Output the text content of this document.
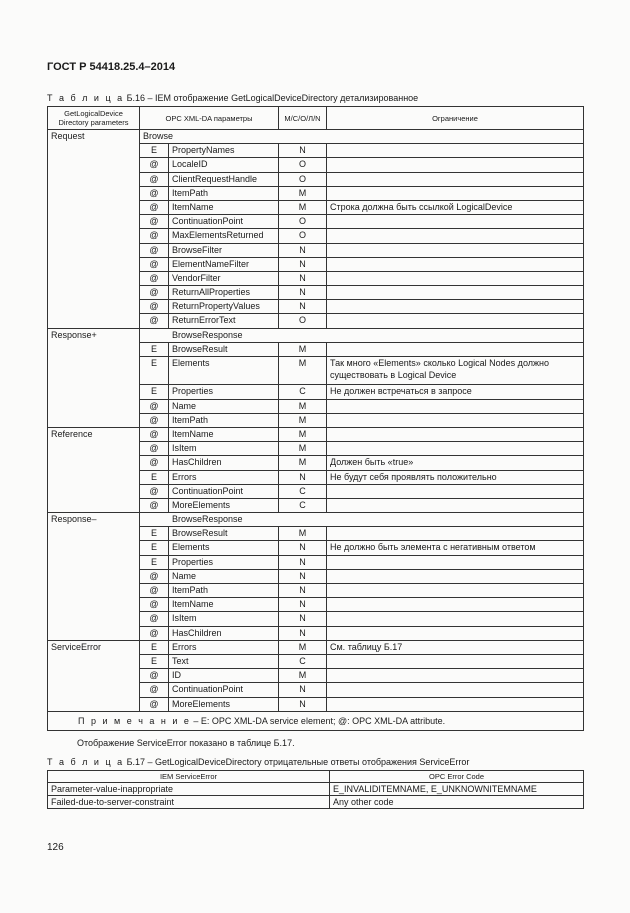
ГОСТ Р 54418.25.4–2014
Т а б л и ц а Б.16 – IEM отображение GetLogicalDeviceDirectory детализированное
GetLogicalDevice Directory parameters	OPC XML-DA параметры		M/C/O/Л/N	Ограничение
Request	Browse			
	E	PropertyNames	N	
	@	LocaleID	O	
	@	ClientRequestHandle	O	
	@	ItemPath	M	
	@	ItemName	M	Строка должна быть ссылкой LogicalDevice
	@	ContinuationPoint	O	
	@	MaxElementsReturned	O	
	@	BrowseFilter	N	
	@	ElementNameFilter	N	
	@	VendorFilter	N	
	@	ReturnAllProperties	N	
	@	ReturnPropertyValues	N	
	@	ReturnErrorText	O	
Response+	BrowseResponse			
	E	BrowseResult	M	
	E	Elements	M	Так много «Elements» сколько Logical Nodes должно существовать в Logical Device
	E	Properties	C	Не должен встречаться в запросе
	@	Name	M	
	@	ItemPath	M	
Reference	@	ItemName	M	
	@	IsItem	M	
	@	HasChildren	M	Должен быть «true»
	E	Errors	N	Не будут себя проявлять положительно
	@	ContinuationPoint	C	
	@	MoreElements	C	
Response–	BrowseResponse			
	E	BrowseResult	M	
	E	Elements	N	Не должно быть элемента с негативным ответом
	E	Properties	N	
	@	Name	N	
	@	ItemPath	N	
	@	ItemName	N	
	@	IsItem	N	
	@	HasChildren	N	
ServiceError	E	Errors	M	См. таблицу Б.17
	E	Text	C	
	@	ID	M	
	@	ContinuationPoint	N	
	@	MoreElements	N	
П р и м е ч а н и е – E: OPC XML-DA service element; @: OPC XML-DA attribute.				
Отображение ServiceError показано в таблице Б.17.
Т а б л и ц а Б.17 – GetLogicalDeviceDirectory отрицательные ответы отображения ServiceError
IEM ServiceError	OPC Error Code
Parameter-value-inappropriate	E_INVALIDITEMNAME, E_UNKNOWNITEMNAME
Failed-due-to-server-constraint	Any other code
126
